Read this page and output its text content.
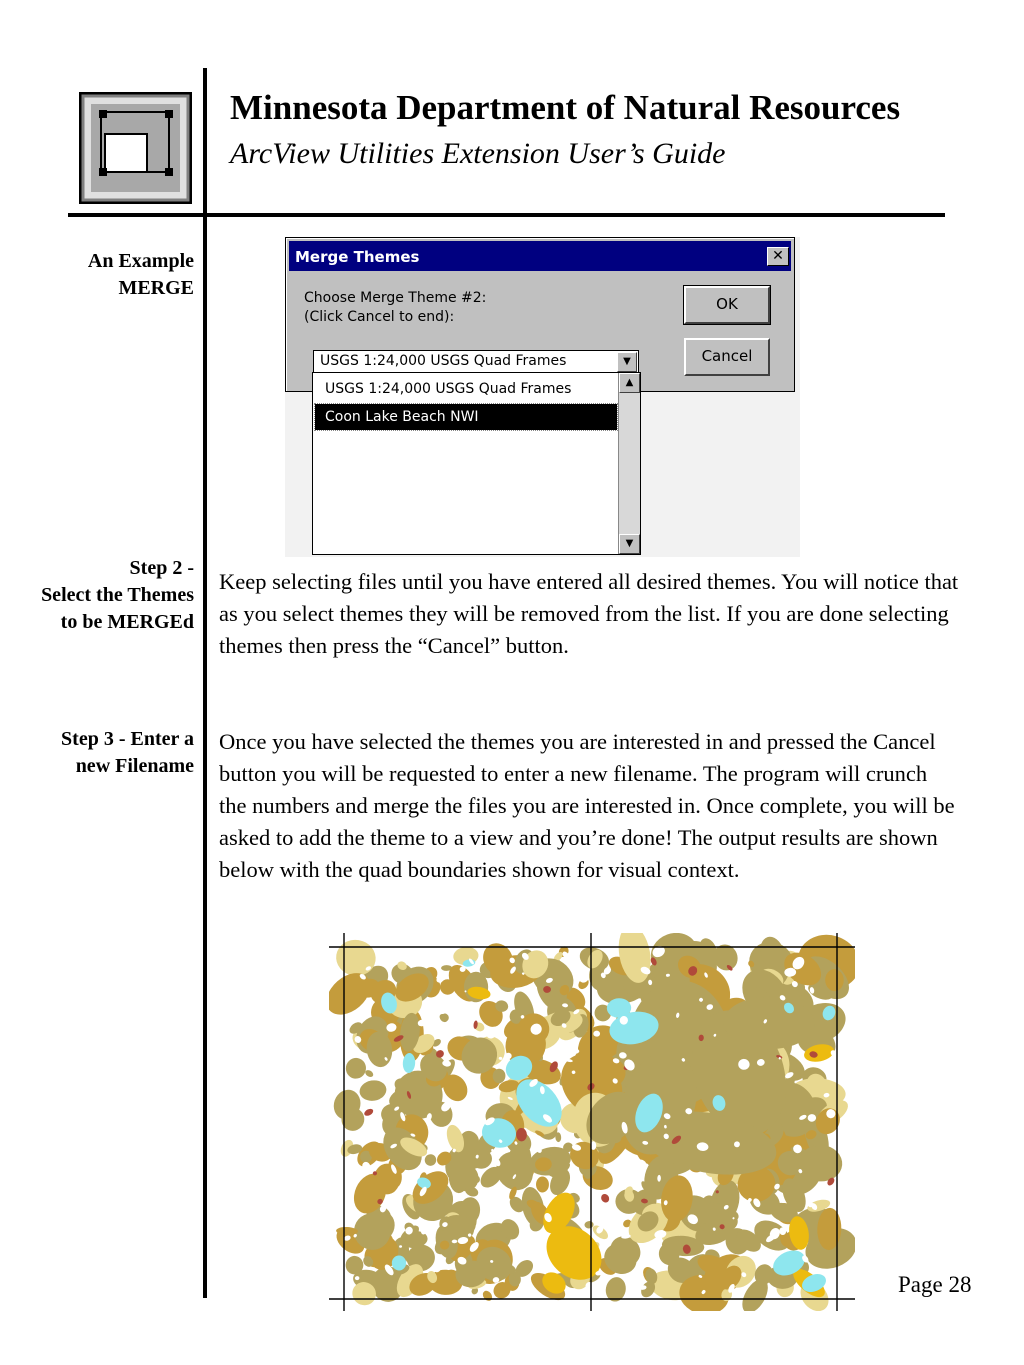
Minnesota Department of Natural Resources
ArcView Utilities Extension User’s Guide
An Example
MERGE
Step 2 -
Select the Themes
to be MERGEd
Step 3 - Enter a
new Filename
Merge Themes	✕
Choose Merge Theme #2:
(Click Cancel to end):
OK
Cancel
USGS 1:24,000 USGS Quad Frames	▼
USGS 1:24,000 USGS Quad Frames
Coon Lake Beach NWI
▲
▼
Keep selecting files until you have entered all desired themes. You will notice that as you select themes they will be removed from the list. If you are done selecting themes then press the “Cancel” button.
Once you have selected the themes you are interested in and pressed the Cancel button you will be requested to enter a new filename. The program will crunch the numbers and merge the files you are interested in. Once complete, you will be asked to add the theme to a view and you’re done! The output results are shown below with the quad boundaries shown for visual context.
Page 28
